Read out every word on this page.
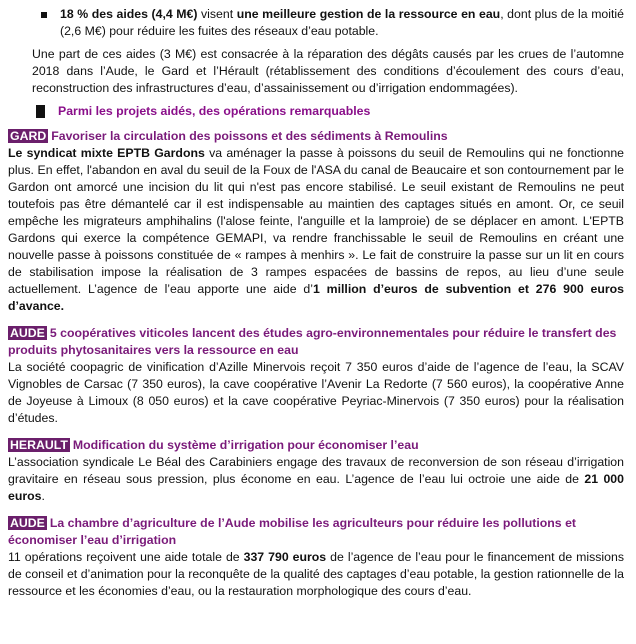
18 % des aides (4,4 M€) visent une meilleure gestion de la ressource en eau, dont plus de la moitié (2,6 M€) pour réduire les fuites des réseaux d’eau potable.

Une part de ces aides (3 M€) est consacrée à la réparation des dégâts causés par les crues de l’automne 2018 dans l’Aude, le Gard et l’Hérault (rétablissement des conditions d’écoulement des cours d’eau, reconstruction des infrastructures d’eau, d’assainissement ou d’irrigation endommagées).

Parmi les projets aidés, des opérations remarquables
GARD Favoriser la circulation des poissons et des sédiments à Remoulins

Le syndicat mixte EPTB Gardons va aménager la passe à poissons du seuil de Remoulins qui ne fonctionne plus. En effet, l'abandon en aval du seuil de la Foux de l'ASA du canal de Beaucaire et son contournement par le Gardon ont amorcé une incision du lit qui n'est pas encore stabilisé. Le seuil existant de Remoulins ne peut toutefois pas être démantelé car il est indispensable au maintien des captages situés en amont. Or, ce seuil empêche les migrateurs amphihalins (l'alose feinte, l'anguille et la lamproie) de se déplacer en amont. L'EPTB Gardons qui exerce la compétence GEMAPI, va rendre franchissable le seuil de Remoulins en créant une nouvelle passe à poissons constituée de « rampes à menhirs ». Le fait de construire la passe sur un lit en cours de stabilisation impose la réalisation de 3 rampes espacées de bassins de repos, au lieu d’une seule actuellement. L’agence de l’eau apporte une aide d’1 million d’euros de subvention et 276 900 euros d’avance.

AUDE 5 coopératives viticoles lancent des études agro-environnementales pour réduire le transfert des produits phytosanitaires vers la ressource en eau

La société coopagric de vinification d’Azille Minervois reçoit 7 350 euros d’aide de l’agence de l’eau, la SCAV Vignobles de Carsac (7 350 euros), la cave coopérative l’Avenir La Redorte (7 560 euros), la coopérative Anne de Joyeuse à Limoux (8 050 euros) et la cave coopérative Peyriac-Minervois (7 350 euros) pour la réalisation d’études.

HERAULT Modification du système d’irrigation pour économiser l’eau

L’association syndicale Le Béal des Carabiniers engage des travaux de reconversion de son réseau d’irrigation gravitaire en réseau sous pression, plus économe en eau. L’agence de l’eau lui octroie une aide de 21 000 euros.

AUDE La chambre d’agriculture de l’Aude mobilise les agriculteurs pour réduire les pollutions et économiser l’eau d’irrigation

11 opérations reçoivent une aide totale de 337 790 euros de l’agence de l’eau pour le financement de missions de conseil et d’animation pour la reconquête de la qualité des captages d’eau potable, la gestion rationnelle de la ressource et les économies d’eau, ou la restauration morphologique des cours d’eau.
